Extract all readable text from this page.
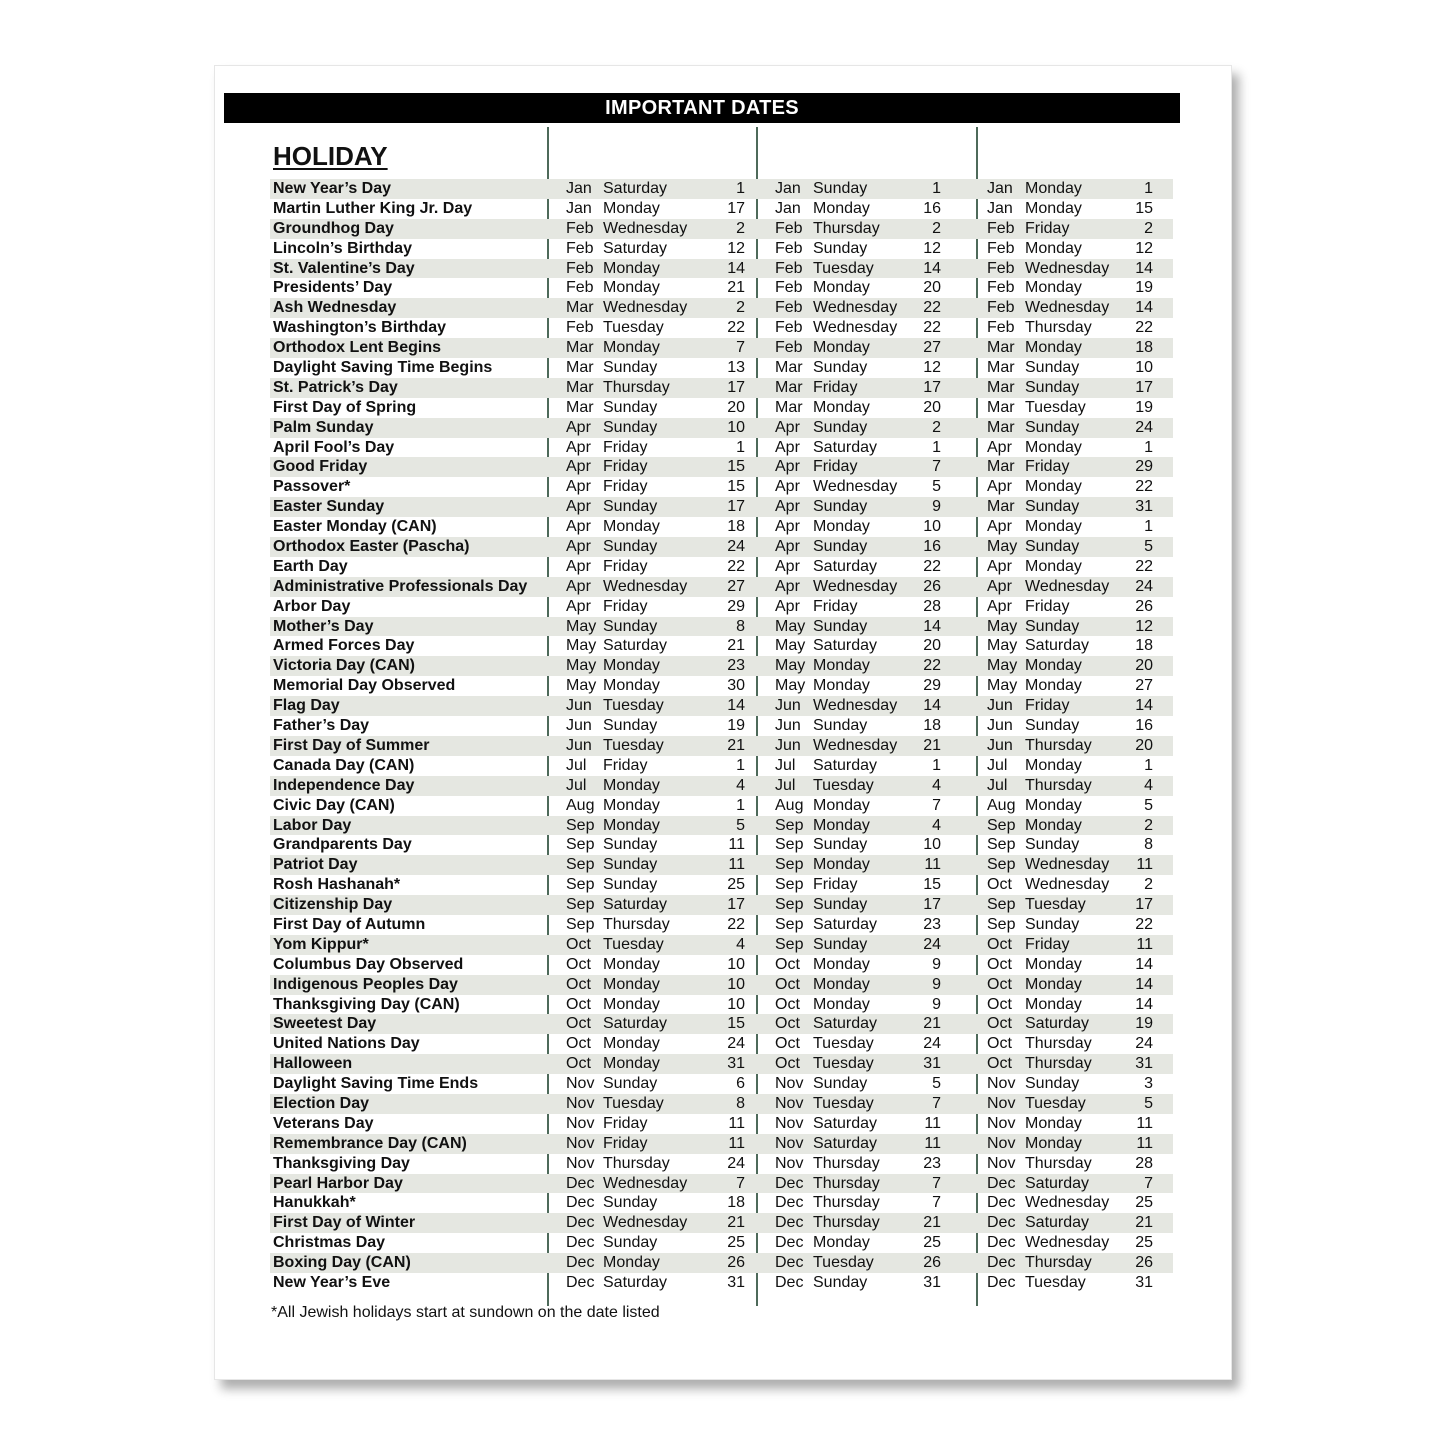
IMPORTANT DATES
HOLIDAY
New Year’s Day	Jan Saturday	1 Jan Sunday	1	Jan Monday	1
Martin Luther King Jr. Day	Jan Monday	17 Jan Monday	16	Jan Monday	15
Groundhog Day	Feb Wednesday	2 Feb Thursday	2	Feb Friday	2
Lincoln’s Birthday	Feb Saturday	12 Feb Sunday	12	Feb Monday	12
St. Valentine’s Day	Feb Monday	14 Feb Tuesday	14	Feb Wednesday	14
Presidents’ Day	Feb Monday	21 Feb Monday	20	Feb Monday	19
Ash Wednesday	Mar Wednesday	2 Feb Wednesday	22	Feb Wednesday	14
Washington’s Birthday	Feb Tuesday	22 Feb Wednesday	22	Feb Thursday	22
Orthodox Lent Begins	Mar Monday	7 Feb Monday	27	Mar Monday	18
Daylight Saving Time Begins	Mar Sunday	13 Mar Sunday	12	Mar Sunday	10
St. Patrick’s Day	Mar Thursday	17 Mar Friday	17	Mar Sunday	17
First Day of Spring	Mar Sunday	20 Mar Monday	20	Mar Tuesday	19
Palm Sunday	Apr Sunday	10 Apr Sunday	2	Mar Sunday	24
April Fool’s Day	Apr Friday	1 Apr Saturday	1	Apr Monday	1
Good Friday	Apr Friday	15 Apr Friday	7	Mar Friday	29
Passover*	Apr Friday	15 Apr Wednesday	5	Apr Monday	22
Easter Sunday	Apr Sunday	17 Apr Sunday	9	Mar Sunday	31
Easter Monday (CAN)	Apr Monday	18 Apr Monday	10	Apr Monday	1
Orthodox Easter (Pascha)	Apr Sunday	24 Apr Sunday	16	May Sunday	5
Earth Day	Apr Friday	22 Apr Saturday	22	Apr Monday	22
Administrative Professionals Day Apr Wednesday	27 Apr Wednesday	26	Apr Wednesday	24
Arbor Day	Apr Friday	29 Apr Friday	28	Apr Friday	26
Mother’s Day	May Sunday	8 May Sunday	14	May Sunday	12
Armed Forces Day	May Saturday	21 May Saturday	20	May Saturday	18
Victoria Day (CAN)	May Monday	23 May Monday	22	May Monday	20
Memorial Day Observed	May Monday	30 May Monday	29	May Monday	27
Flag Day	Jun Tuesday	14 Jun Wednesday	14	Jun Friday	14
Father’s Day	Jun Sunday	19 Jun Sunday	18	Jun Sunday	16
First Day of Summer	Jun Tuesday	21 Jun Wednesday	21	Jun Thursday	20
Canada Day (CAN)	Jul Friday	1 Jul Saturday	1	Jul Monday	1
Independence Day	Jul Monday	4 Jul Tuesday	4	Jul Thursday	4
Civic Day (CAN)	Aug Monday	1 Aug Monday	7	Aug Monday	5
Labor Day	Sep Monday	5 Sep Monday	4	Sep Monday	2
Grandparents Day	Sep Sunday	11 Sep Sunday	10	Sep Sunday	8
Patriot Day	Sep Sunday	11 Sep Monday	11	Sep Wednesday	11
Rosh Hashanah*	Sep Sunday	25 Sep Friday	15	Oct Wednesday	2
Citizenship Day	Sep Saturday	17 Sep Sunday	17	Sep Tuesday	17
First Day of Autumn	Sep Thursday	22 Sep Saturday	23	Sep Sunday	22
Yom Kippur*	Oct Tuesday	4 Sep Sunday	24	Oct Friday	11
Columbus Day Observed	Oct Monday	10 Oct Monday	9	Oct Monday	14
Indigenous Peoples Day	Oct Monday	10 Oct Monday	9	Oct Monday	14
Thanksgiving Day (CAN)	Oct Monday	10 Oct Monday	9	Oct Monday	14
Sweetest Day	Oct Saturday	15 Oct Saturday	21	Oct Saturday	19
United Nations Day	Oct Monday	24 Oct Tuesday	24	Oct Thursday	24
Halloween	Oct Monday	31 Oct Tuesday	31	Oct Thursday	31
Daylight Saving Time Ends	Nov Sunday	6 Nov Sunday	5	Nov Sunday	3
Election Day	Nov Tuesday	8 Nov Tuesday	7	Nov Tuesday	5
Veterans Day	Nov Friday	11 Nov Saturday	11	Nov Monday	11
Remembrance Day (CAN)	Nov Friday	11 Nov Saturday	11	Nov Monday	11
Thanksgiving Day	Nov Thursday	24 Nov Thursday	23	Nov Thursday	28
Pearl Harbor Day	Dec Wednesday	7 Dec Thursday	7	Dec Saturday	7
Hanukkah*	Dec Sunday	18 Dec Thursday	7	Dec Wednesday	25
First Day of Winter	Dec Wednesday	21 Dec Thursday	21	Dec Saturday	21
Christmas Day	Dec Sunday	25 Dec Monday	25	Dec Wednesday	25
Boxing Day (CAN)	Dec Monday	26 Dec Tuesday	26	Dec Thursday	26
New Year’s Eve	Dec Saturday	31 Dec Sunday	31	Dec Tuesday	31
*All Jewish holidays start at sundown on the date listed
